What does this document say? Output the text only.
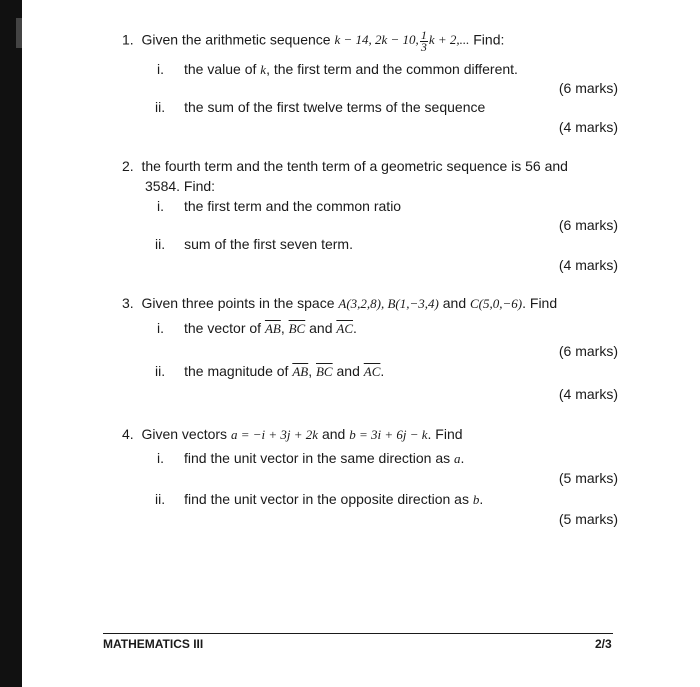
1. Given the arithmetic sequence k − 14, 2k − 10, $\frac{1}{3}$ k + 2,... Find:
i. the value of k, the first term and the common different.
(6 marks)
ii. the sum of the first twelve terms of the sequence
(4 marks)
2. the fourth term and the tenth term of a geometric sequence is 56 and
3584. Find:
i. the first term and the common ratio
(6 marks)
ii. sum of the first seven term.
(4 marks)
3. Given three points in the space A(3,2,8), B(1,−3,4) and C(5,0,−6). Find
i. the vector of $\overline{AB}$, $\overline{BC}$ and $\overline{AC}$.
(6 marks)
ii. the magnitude of $\overline{AB}$, $\overline{BC}$ and $\overline{AC}$.
(4 marks)
4. Given vectors a = −i + 3j + 2k and b = 3i + 6j − k. Find
i. find the unit vector in the same direction as a.
(5 marks)
ii. find the unit vector in the opposite direction as b.
(5 marks)
MATHEMATICS III	2/3
